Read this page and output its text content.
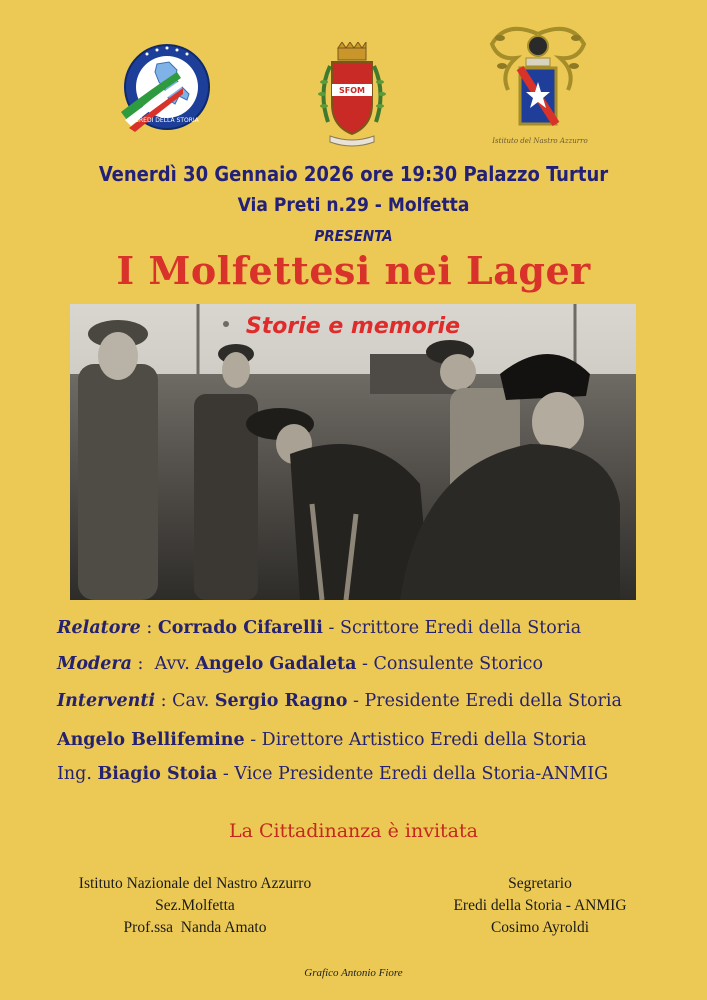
EREDI DELLA STORIA
SFOM
Istituto del Nastro Azzurro
Venerdì 30 Gennaio 2026 ore 19:30 Palazzo Turtur
Via Preti n.29 - Molfetta
PRESENTA
I Molfettesi nei Lager
Storie e memorie
Relatore : Corrado Cifarelli - Scrittore Eredi della Storia
Modera :  Avv. Angelo Gadaleta - Consulente Storico
Interventi : Cav. Sergio Ragno - Presidente Eredi della Storia
Angelo Bellifemine - Direttore Artistico Eredi della Storia
Ing. Biagio Stoia - Vice Presidente Eredi della Storia-ANMIG
La Cittadinanza è invitata
Istituto Nazionale del Nastro Azzurro
Sez.Molfetta
Prof.ssa  Nanda Amato
Segretario
Eredi della Storia - ANMIG
Cosimo Ayroldi
Grafico Antonio Fiore
